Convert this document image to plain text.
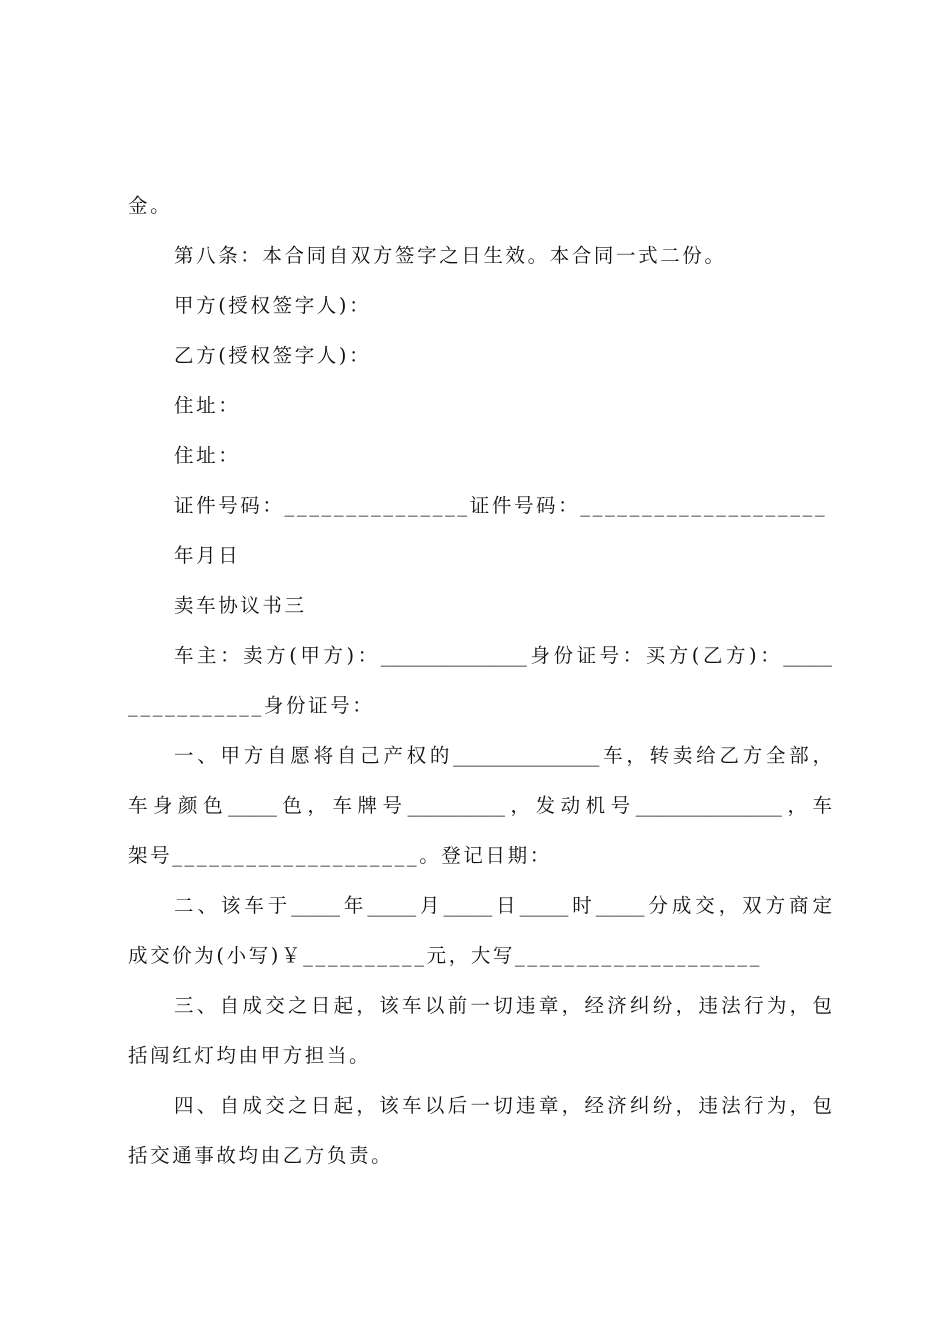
金。
第八条：本合同自双方签字之日生效。本合同一式二份。
甲方(授权签字人)：
乙方(授权签字人)：
住址：
住址：
证件号码：_______________证件号码：____________________
年月日
卖车协议书三
车主：卖方(甲方)：_______________身份证号：买方(乙方)：_____
___________身份证号：
一、甲方自愿将自己产权的_______________车，转卖给乙方全部，
车身颜色_____色，车牌号__________，发动机号_______________，车
架号____________________。登记日期：
二、该车于_____年_____月_____日_____时_____分成交，双方商定
成交价为(小写)￥__________元，大写____________________
三、自成交之日起，该车以前一切违章，经济纠纷，违法行为，包
括闯红灯均由甲方担当。
四、自成交之日起，该车以后一切违章，经济纠纷，违法行为，包
括交通事故均由乙方负责。
